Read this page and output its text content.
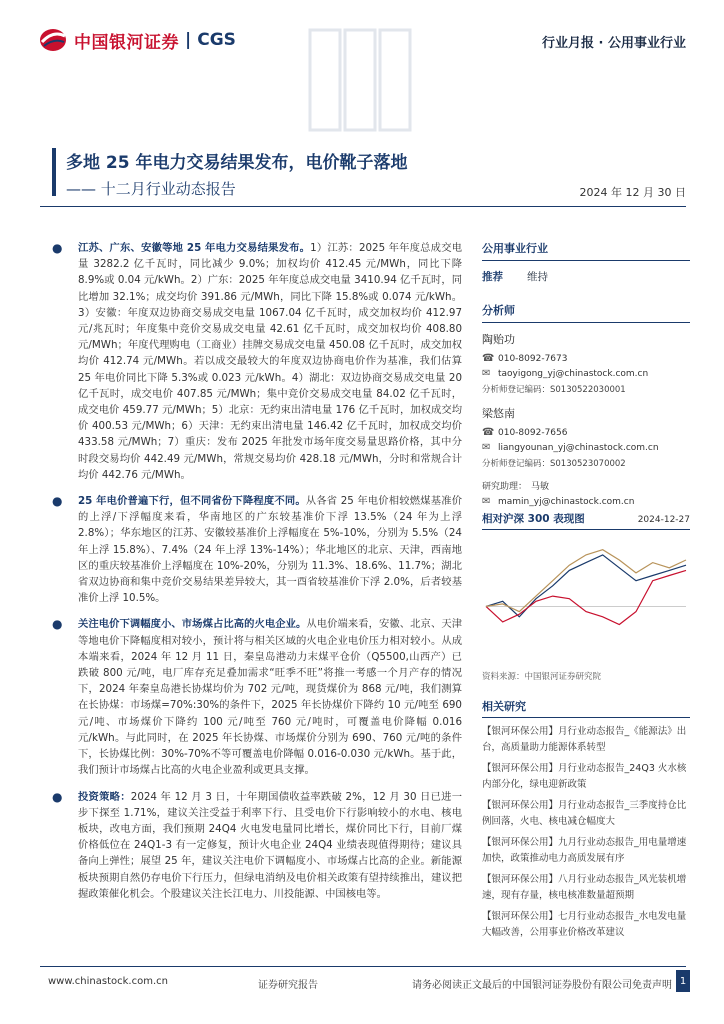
中国银河证券 | CGS	行业月报 · 公用事业行业
多地 25 年电力交易结果发布，电价靴子落地
—— 十二月行业动态报告	2024 年 12 月 30 日
● 江苏、广东、安徽等地 25 年电力交易结果发布。1）江苏：2025 年年度总成交电量 3282.2 亿千瓦时，同比减少 9.0%；加权均价 412.45 元/MWh，同比下降 8.9%或 0.04 元/kWh。2）广东：2025 年年度总成交电量 3410.94 亿千瓦时，同比增加 32.1%；成交均价 391.86 元/MWh，同比下降 15.8%或 0.074 元/kWh。3）安徽：年度双边协商交易成交电量 1067.04 亿千瓦时，成交加权均价 412.97 元/兆瓦时；年度集中竞价交易成交电量 42.61 亿千瓦时，成交加权均价 408.80 元/MWh；年度代理购电（工商业）挂牌交易成交电量 450.08 亿千瓦时，成交加权均价 412.74 元/MWh。若以成交最较大的年度双边协商电价作为基准，我们估算 25 年电价同比下降 5.3%或 0.023 元/kWh。4）湖北：双边协商交易成交电量 20 亿千瓦时，成交电价 407.85 元/MWh；集中竞价交易成交电量 84.02 亿千瓦时，成交电价 459.77 元/MWh；5）北京：无约束出清电量 176 亿千瓦时，加权成交均价 400.53 元/MWh；6）天津：无约束出清电量 146.42 亿千瓦时，加权成交均价 433.58 元/MWh；7）重庆：发布 2025 年批发市场年度交易量思路价格，其中分时段交易均价 442.49 元/MWh，常规交易均价 428.18 元/MWh，分时和常规合计均价 442.76 元/MWh。
● 25 年电价普遍下行，但不同省份下降程度不同。从各省 25 年电价相较燃煤基准价的上浮/下浮幅度来看，华南地区的广东较基准价下浮 13.5%（24 年为上浮 2.8%）；华东地区的江苏、安徽较基准价上浮幅度在 5%-10%，分别为 5.5%（24 年上浮 15.8%）、7.4%（24 年上浮 13%-14%）；华北地区的北京、天津，西南地区的重庆较基准价上浮幅度在 10%-20%，分别为 11.3%、18.6%、11.7%；湖北省双边协商和集中竞价交易结果差异较大，其一酉省较基准价下浮 2.0%，后者较基准价上浮 10.5%。
● 关注电价下调幅度小、市场煤占比高的火电企业。从电价端来看，安徽、北京、天津等地电价下降幅度相对较小，预计将与相关区域的火电企业电价压力相对较小。从成本端来看，2024 年 12 月 11 日，秦皇岛港动力末煤平仓价（Q5500,山西产）已跌破 800 元/吨，电厂库存充足叠加需求“旺季不旺”将推一考感一个月产存的情况下，2024 年秦皇岛港长协煤均价为 702 元/吨，现货煤价为 868 元/吨，我们测算在长协煤：市场煤=70%:30%的条件下，2025 年长协煤价下降约 10 元/吨至 690 元/吨、市场煤价下降约 100 元/吨至 760 元/吨时，可覆盖电价降幅 0.016 元/kWh。与此同时，在 2025 年长协煤、市场煤价分别为 690、760 元/吨的条件下，长协煤比例：30%-70%不等可覆盖电价降幅 0.016-0.030 元/kWh。基于此，我们预计市场煤占比高的火电企业盈利或更具支撑。
● 投资策略：2024 年 12 月 3 日，十年期国债收益率跌破 2%，12 月 30 日已进一步下探至 1.71%，建议关注受益于利率下行、且受电价下行影响较小的水电、核电板块，改电方面，我们预期 24Q4 火电发电量同比增长，煤价同比下行，目前厂煤价格低位在 24Q1-3 有一定修复，预计火电企业 24Q4 业绩表现值得期待；建议具备向上弹性；展望 25 年，建议关注电价下调幅度小、市场煤占比高的企业。新能源板块预期自然仍存电价下行压力，但绿电消纳及电价相关政策有望持续推出，建议把握政策催化机会。个股建议关注长江电力、川投能源、中国核电等。
公用事业行业
推荐 维持
分析师
陶贻功
☎ 010-8092-7673
✉ taoyigong_yj@chinastock.com.cn
分析师登记编码：S0130522030001
梁悠南
☎ 010-8092-7656
✉ liangyounan_yj@chinastock.com.cn
分析师登记编码：S0130523070002
研究助理： 马敏
✉ mamin_yj@chinastock.com.cn
相对沪深 300 表现图	2024-12-27
资料来源：中国银河证券研究院
相关研究
【银河环保公用】月行业动态报告_《能源法》出台，高质量助力能源体系转型
【银河环保公用】月行业动态报告_24Q3 火水核内部分化，绿电迎新政策
【银河环保公用】月行业动态报告_三季度持仓比例回落，火电、核电减仓幅度大
【银河环保公用】九月行业动态报告_用电量增速加快，政策推动电力高质发展有序
【银河环保公用】八月行业动态报告_风光装机增速，现有存量，核电核准数量超预期
【银河环保公用】七月行业动态报告_水电发电量大幅改善，公用事业价格改革建议
www.chinastock.com.cn	证券研究报告	请务必阅读正文最后的中国银河证券股份有限公司免责声明 1
